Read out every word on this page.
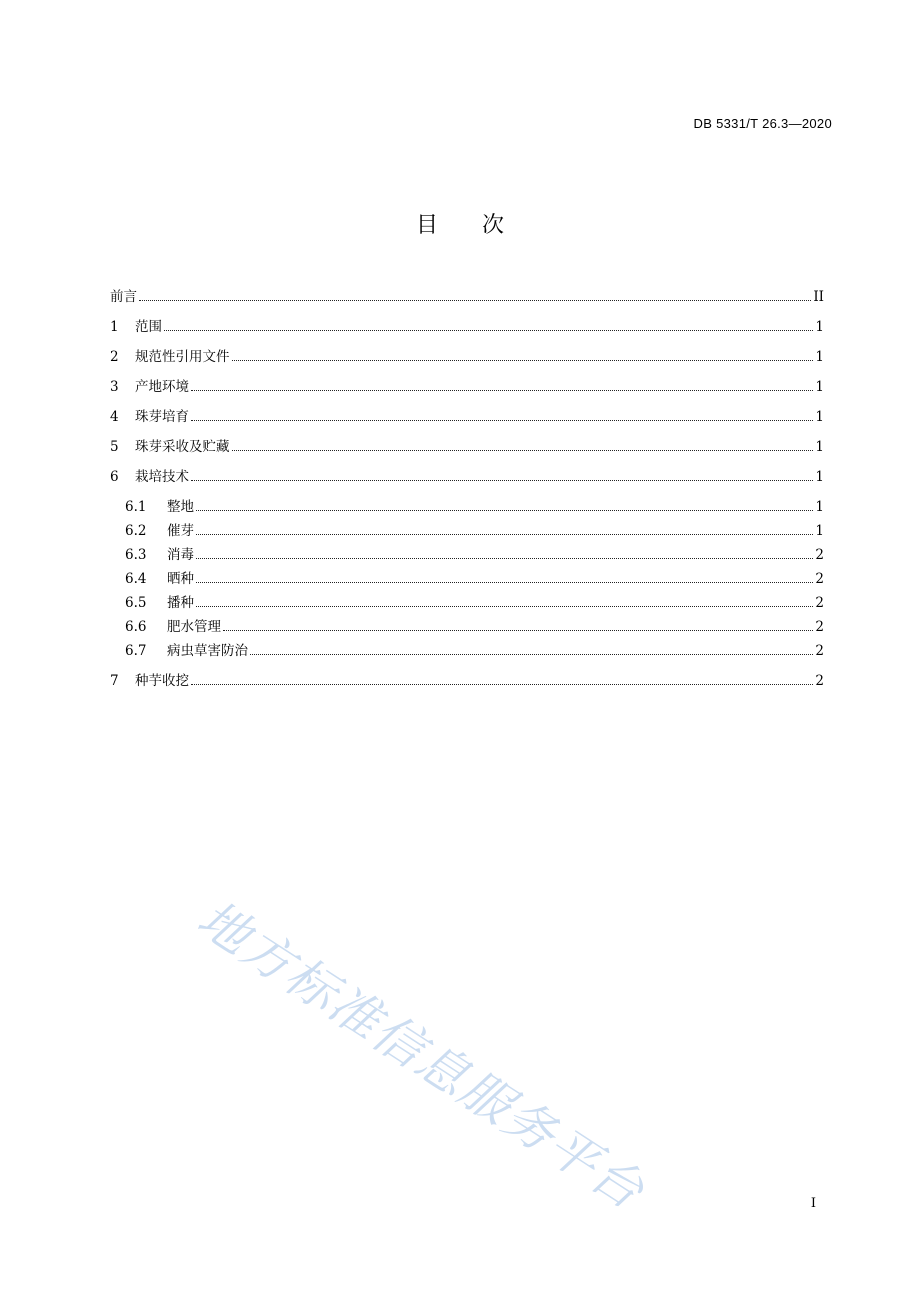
DB 5331/T 26.3—2020
目 次
前言	II
1	范围	1
2	规范性引用文件	1
3	产地环境	1
4	珠芽培育	1
5	珠芽采收及贮藏	1
6	栽培技术	1
6.1	整地	1
6.2	催芽	1
6.3	消毒	2
6.4	晒种	2
6.5	播种	2
6.6	肥水管理	2
6.7	病虫草害防治	2
7	种芋收挖	2
地方标准信息服务平台	I
